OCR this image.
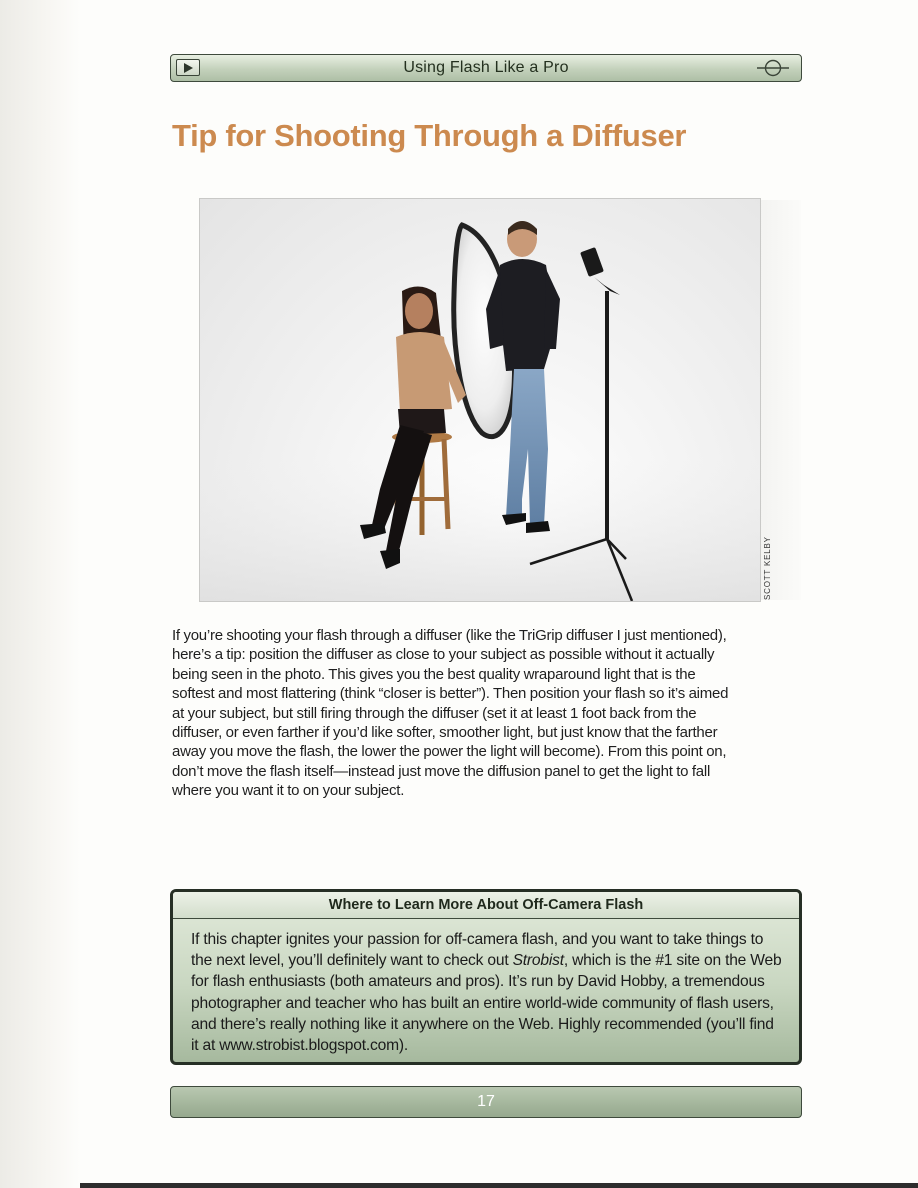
Using Flash Like a Pro
Tip for Shooting Through a Diffuser

If you’re shooting your flash through a diffuser (like the TriGrip diffuser I just mentioned),
here’s a tip: position the diffuser as close to your subject as possible without it actually
being seen in the photo. This gives you the best quality wraparound light that is the
softest and most flattering (think “closer is better”). Then position your flash so it’s aimed
at your subject, but still firing through the diffuser (set it at least 1 foot back from the
diffuser, or even farther if you’d like softer, smoother light, but just know that the farther
away you move the flash, the lower the power the light will become). From this point on,
don’t move the flash itself—instead just move the diffusion panel to get the light to fall
where you want it to on your subject.

Where to Learn More About Off-Camera Flash

If this chapter ignites your passion for off-camera flash, and you want to take things to the next level, you’ll definitely want to check out Strobist, which is the #1 site on the Web for flash enthusiasts (both amateurs and pros). It’s run by David Hobby, a tremendous photographer and teacher who has built an entire world-wide community of flash users, and there’s really nothing like it anywhere on the Web. Highly recommended (you’ll find it at www.strobist.blogspot.com).

17
